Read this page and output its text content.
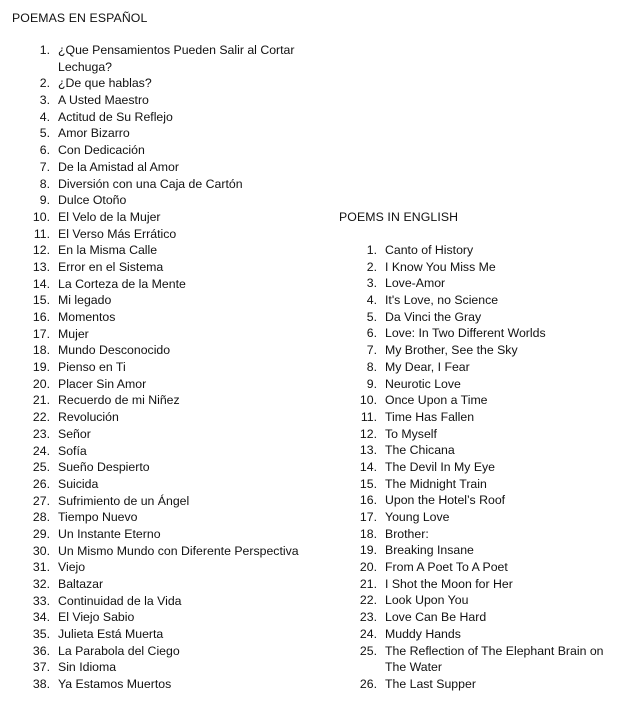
POEMAS EN ESPAÑOL
1. ¿Que Pensamientos Pueden Salir al Cortar Lechuga?
2. ¿De que hablas?
3. A Usted Maestro
4. Actitud de Su Reflejo
5. Amor Bizarro
6. Con Dedicación
7. De la Amistad al Amor
8. Diversión con una Caja de Cartón
9. Dulce Otoño
10. El Velo de la Mujer
11. El Verso Más Errático
12. En la Misma Calle
13. Error en el Sistema
14. La Corteza de la Mente
15. Mi legado
16. Momentos
17. Mujer
18. Mundo Desconocido
19. Pienso en Ti
20. Placer Sin Amor
21. Recuerdo de mi Niñez
22. Revolución
23. Señor
24. Sofía
25. Sueño Despierto
26. Suicida
27. Sufrimiento de un Ángel
28. Tiempo Nuevo
29. Un Instante Eterno
30. Un Mismo Mundo con Diferente Perspectiva
31. Viejo
32. Baltazar
33. Continuidad de la Vida
34. El Viejo Sabio
35. Julieta Está Muerta
36. La Parabola del Ciego
37. Sin Idioma
38. Ya Estamos Muertos
POEMS IN ENGLISH
1. Canto of History
2. I Know You Miss Me
3. Love-Amor
4. It's Love, no Science
5. Da Vinci the Gray
6. Love: In Two Different Worlds
7. My Brother, See the Sky
8. My Dear, I Fear
9. Neurotic Love
10. Once Upon a Time
11. Time Has Fallen
12. To Myself
13. The Chicana
14. The Devil In My Eye
15. The Midnight Train
16. Upon the Hotel’s Roof
17. Young Love
18. Brother:
19. Breaking Insane
20. From A Poet To A Poet
21. I Shot the Moon for Her
22. Look Upon You
23. Love Can Be Hard
24. Muddy Hands
25. The Reflection of The Elephant Brain on The Water
26. The Last Supper
